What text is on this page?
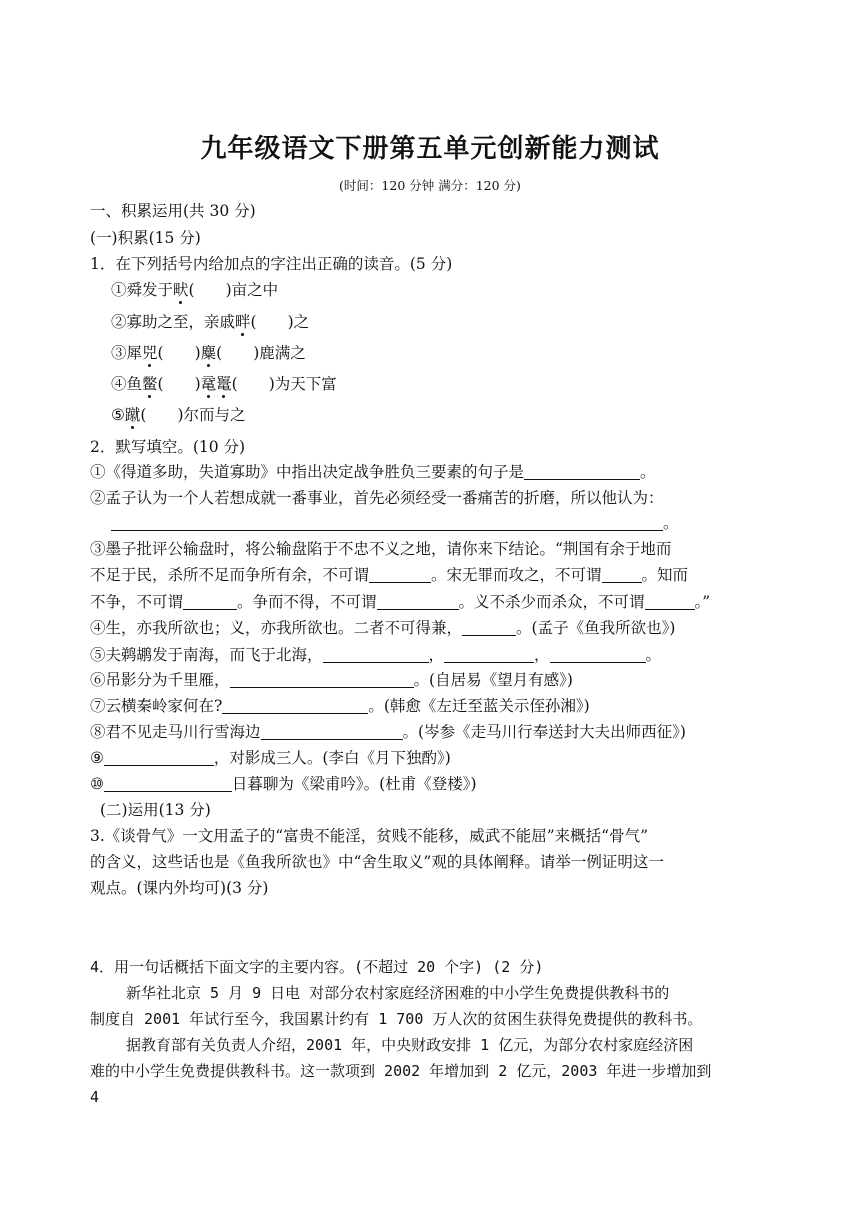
九年级语文下册第五单元创新能力测试
(时间：120 分钟 满分：120 分)
一、积累运用(共 30 分)
(一)积累(15 分)
1．在下列括号内给加点的字注出正确的读音。(5 分)
①舜发于畎(　　)亩之中
②寡助之至，亲戚畔(　　)之
③犀兕(　　)麋(　　)鹿满之
④鱼鳖(　　)鼋鼍(　　)为天下富
⑤蹴(　　)尔而与之
2．默写填空。(10 分)
①《得道多助，失道寡助》中指出决定战争胜负三要素的句子是	。
②孟子认为一个人若想成就一番事业，首先必须经受一番痛苦的折磨，所以他认为：
。
③墨子批评公输盘时，将公输盘陷于不忠不义之地，请你来下结论。“荆国有余于地而
不足于民，杀所不足而争所有余，不可谓	。宋无罪而攻之，不可谓	。知而
不争，不可谓	。争而不得，不可谓	。义不杀少而杀众，不可谓	。”
④生，亦我所欲也；义，亦我所欲也。二者不可得兼，	。(孟子《鱼我所欲也》)
⑤夫鹈鹕发于南海，而飞于北海，	，	，	。
⑥吊影分为千里雁，	。(自居易《望月有感》)
⑦云横秦岭家何在?	。(韩愈《左迁至蓝关示侄孙湘》)
⑧君不见走马川行雪海边	。(岑参《走马川行奉送封大夫出师西征》)
⑨	，对影成三人。(李白《月下独酌》)
⑩	日暮聊为《梁甫吟》。(杜甫《登楼》)
(二)运用(13 分)
3.《谈骨气》一文用孟子的“富贵不能淫，贫贱不能移，威武不能屈”来概括“骨气”
的含义，这些话也是《鱼我所欲也》中“舍生取义”观的具体阐释。请举一例证明这一
观点。(课内外均可)(3 分)
4．用一句话概括下面文字的主要内容。(不超过 20 个字) (2 分)
新华社北京 5 月 9 日电 对部分农村家庭经济困难的中小学生免费提供教科书的
制度自 2001 年试行至今，我国累计约有 1 700 万人次的贫困生获得免费提供的教科书。
据教育部有关负责人介绍，2001 年，中央财政安排 1 亿元，为部分农村家庭经济困
难的中小学生免费提供教科书。这一款项到 2002 年增加到 2 亿元，2003 年进一步增加到
4
